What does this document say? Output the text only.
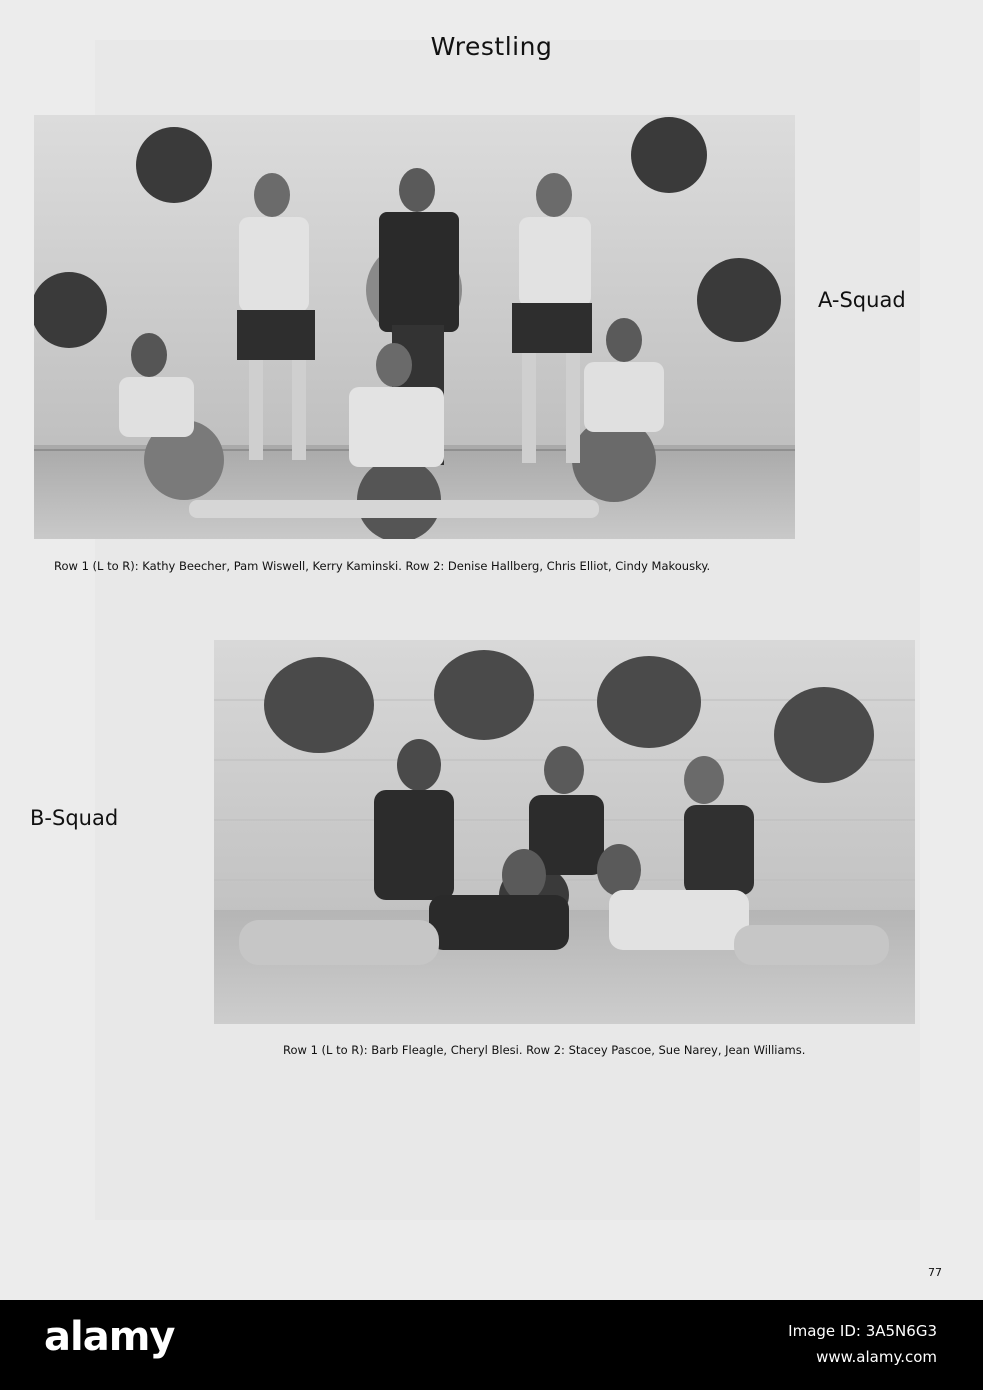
Wrestling
A-Squad
Row 1 (L to R): Kathy Beecher, Pam Wiswell, Kerry Kaminski. Row 2: Denise Hallberg, Chris Elliot, Cindy Makousky.
B-Squad
Row 1 (L to R): Barb Fleagle, Cheryl Blesi. Row 2: Stacey Pascoe, Sue Narey, Jean Williams.
77
alamy	Image ID: 3A5N6G3
www.alamy.com
